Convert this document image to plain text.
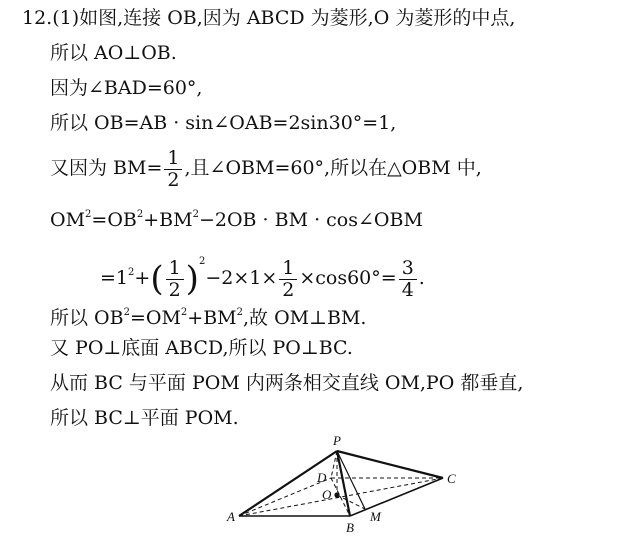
12.(1)如图,连接 OB,因为 ABCD 为菱形,O 为菱形的中点,
所以 AO⊥OB.
因为∠BAD=60°,
所以 OB=AB · sin∠OAB=2sin30°=1,
又因为 $BM= \frac{1}{2}$ ,且∠OBM=60°,所以在△OBM 中,
$OM^2=OB^2+BM^2-2OB$ · BM · cos∠OBM
$=1^2+( \frac{1}{2} )^2-2\times 1\times \frac{1}{2} \times\cos 60^\circ= \frac{3}{4}$ .
所以 $OB^2=OM^2+BM^2$,故 OM⊥BM.
又 PO⊥底面 ABCD,所以 PO⊥BC.
从而 BC 与平面 POM 内两条相交直线 OM,PO 都垂直,
所以 BC⊥平面 POM.
P
C
D
O
A
B
M
